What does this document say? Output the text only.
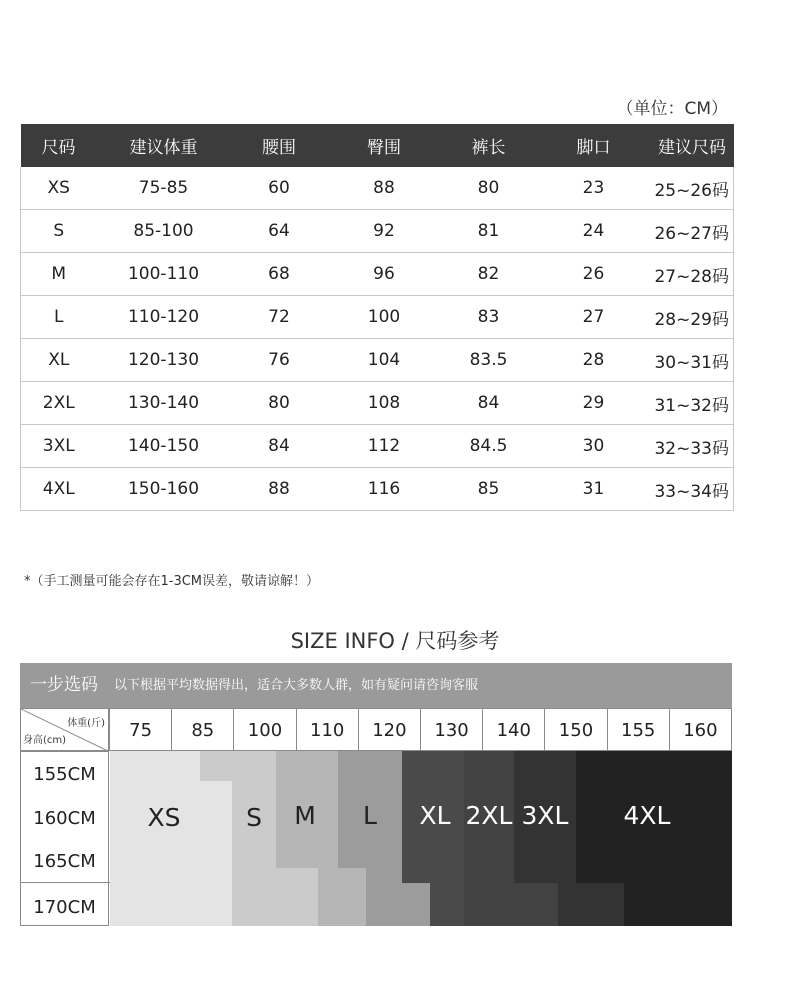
（单位：CM）
尺码	建议体重	腰围	臀围	裤长	脚口	建议尺码
XS	75-85	60	88	80	23	25~26码
S	85-100	64	92	81	24	26~27码
M	100-110	68	96	82	26	27~28码
L	110-120	72	100	83	27	28~29码
XL	120-130	76	104	83.5	28	30~31码
2XL	130-140	80	108	84	29	31~32码
3XL	140-150	84	112	84.5	30	32~33码
4XL	150-160	88	116	85	31	33~34码
*（手工测量可能会存在1-3CM误差，敬请谅解！）
SIZE INFO / 尺码参考
一步选码	以下根据平均数据得出，适合大多数人群，如有疑问请咨询客服
体重(斤)
身高(cm)	75	85	100	110	120	130	140	150	155	160
155CM
160CM
165CM
170CM
XS	S	M	L	XL 2XL 3XL	4XL
